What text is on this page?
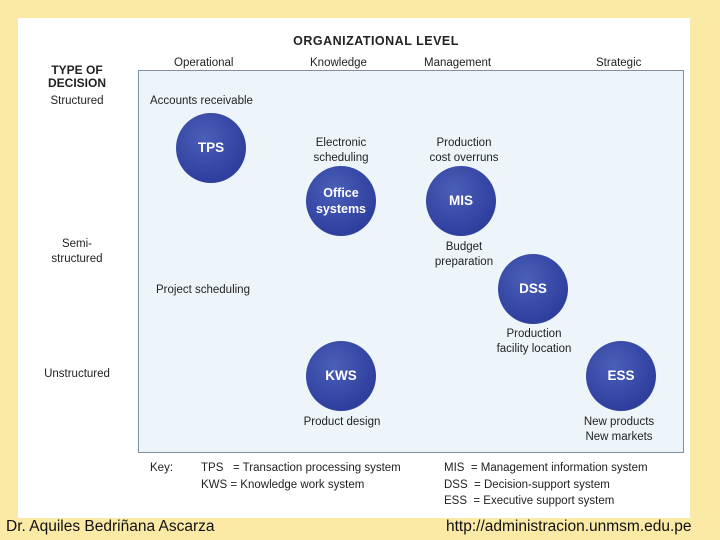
ORGANIZATIONAL LEVEL
TYPE OF
DECISION
Operational	Knowledge	Management	Strategic
Structured
Semi-
structured
Unstructured
Accounts receivable
Electronic
scheduling
Production
cost overruns
Budget
preparation
Project scheduling
Production
facility location
Product design	New products
New markets
TPS
Office
systems
MIS
DSS
KWS	ESS
Key: TPS   = Transaction processing system
KWS = Knowledge work system
MIS  = Management information system
DSS  = Decision-support system
ESS  = Executive support system
Dr. Aquiles Bedriñana Ascarza	http://administracion.unmsm.edu.pe
